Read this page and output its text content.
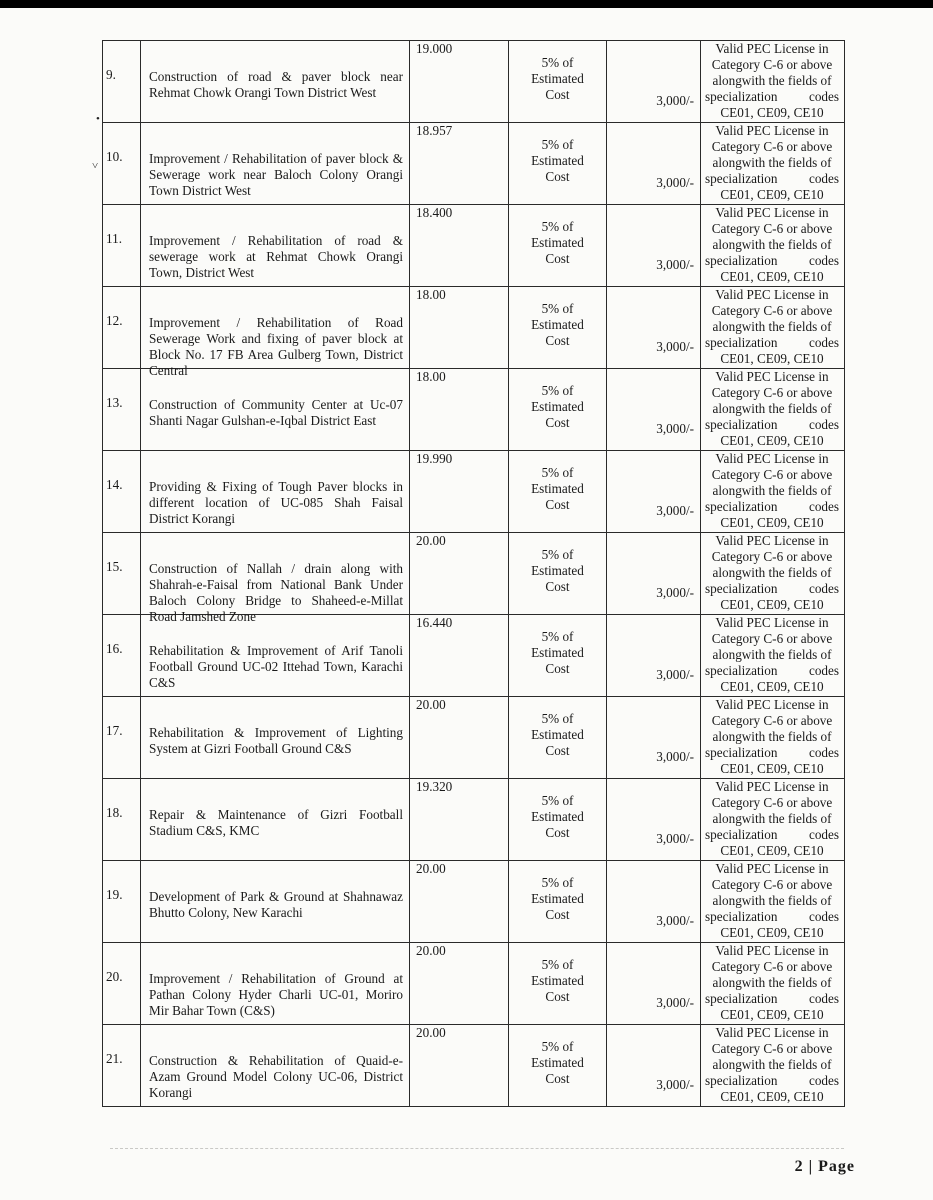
9.	Construction of road & paver block near Rehmat Chowk Orangi Town District West	19.000	5% of
Estimated
Cost	3,000/-	Valid PEC License in
Category C-6 or above
alongwith the fields of
specialization codes
CE01, CE09, CE10

10.	Improvement / Rehabilitation of paver block & Sewerage work near Baloch Colony Orangi Town District West	18.957	5% of
Estimated
Cost	3,000/-	Valid PEC License in
Category C-6 or above
alongwith the fields of
specialization codes
CE01, CE09, CE10

11.	Improvement / Rehabilitation of road & sewerage work at Rehmat Chowk Orangi Town, District West	18.400	5% of
Estimated
Cost	3,000/-	Valid PEC License in
Category C-6 or above
alongwith the fields of
specialization codes
CE01, CE09, CE10

12.	Improvement / Rehabilitation of Road Sewerage Work and fixing of paver block at Block No. 17 FB Area Gulberg Town, District Central	18.00	5% of
Estimated
Cost	3,000/-	Valid PEC License in
Category C-6 or above
alongwith the fields of
specialization codes
CE01, CE09, CE10

13.	Construction of Community Center at Uc-07 Shanti Nagar Gulshan-e-Iqbal District East	18.00	5% of
Estimated
Cost	3,000/-	Valid PEC License in
Category C-6 or above
alongwith the fields of
specialization codes
CE01, CE09, CE10

14.	Providing & Fixing of Tough Paver blocks in different location of UC-085 Shah Faisal District Korangi	19.990	5% of
Estimated
Cost	3,000/-	Valid PEC License in
Category C-6 or above
alongwith the fields of
specialization codes
CE01, CE09, CE10

15.	Construction of Nallah / drain along with Shahrah-e-Faisal from National Bank Under Baloch Colony Bridge to Shaheed-e-Millat Road Jamshed Zone	20.00	5% of
Estimated
Cost	3,000/-	Valid PEC License in
Category C-6 or above
alongwith the fields of
specialization codes
CE01, CE09, CE10

16.	Rehabilitation & Improvement of Arif Tanoli Football Ground UC-02 Ittehad Town, Karachi C&S	16.440	5% of
Estimated
Cost	3,000/-	Valid PEC License in
Category C-6 or above
alongwith the fields of
specialization codes
CE01, CE09, CE10

17.	Rehabilitation & Improvement of Lighting System at Gizri Football Ground C&S	20.00	5% of
Estimated
Cost	3,000/-	Valid PEC License in
Category C-6 or above
alongwith the fields of
specialization codes
CE01, CE09, CE10

18.	Repair & Maintenance of Gizri Football Stadium C&S, KMC	19.320	5% of
Estimated
Cost	3,000/-	Valid PEC License in
Category C-6 or above
alongwith the fields of
specialization codes
CE01, CE09, CE10

19.	Development of Park & Ground at Shahnawaz Bhutto Colony, New Karachi	20.00	5% of
Estimated
Cost	3,000/-	Valid PEC License in
Category C-6 or above
alongwith the fields of
specialization codes
CE01, CE09, CE10

20.	Improvement / Rehabilitation of Ground at Pathan Colony Hyder Charli UC-01, Moriro Mir Bahar Town (C&S)	20.00	5% of
Estimated
Cost	3,000/-	Valid PEC License in
Category C-6 or above
alongwith the fields of
specialization codes
CE01, CE09, CE10

21.	Construction & Rehabilitation of Quaid-e-Azam Ground Model Colony UC-06, District Korangi	20.00	5% of
Estimated
Cost	3,000/-	Valid PEC License in
Category C-6 or above
alongwith the fields of
specialization codes
CE01, CE09, CE10
•
˅
2 | Page
